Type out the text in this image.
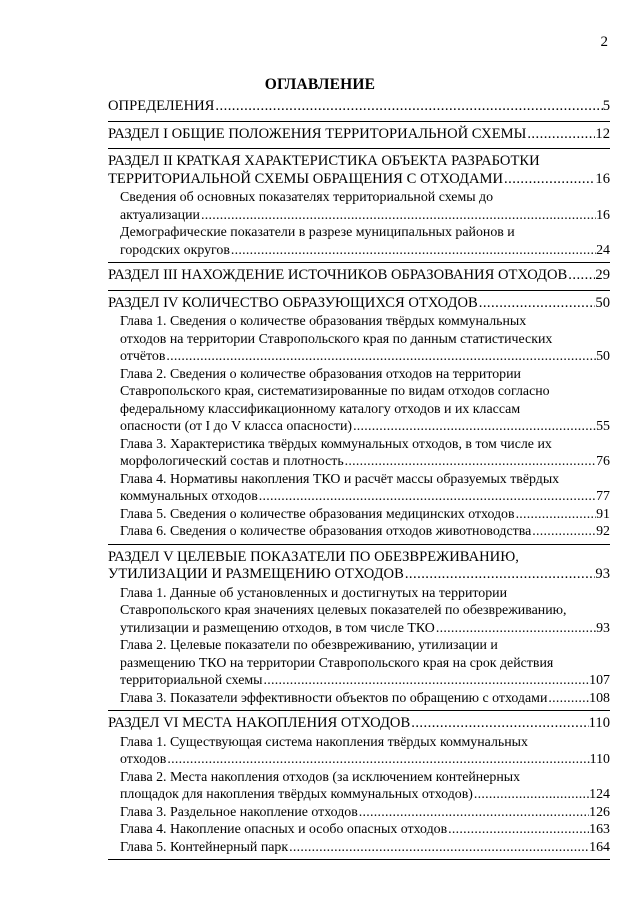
2
ОГЛАВЛЕНИЕ
ОПРЕДЕЛЕНИЯ . . .	5
РАЗДЕЛ I ОБЩИЕ ПОЛОЖЕНИЯ ТЕРРИТОРИАЛЬНОЙ СХЕМЫ . . .	12
РАЗДЕЛ II КРАТКАЯ ХАРАКТЕРИСТИКА ОБЪЕКТА РАЗРАБОТКИ
ТЕРРИТОРИАЛЬНОЙ СХЕМЫ ОБРАЩЕНИЯ С ОТХОДАМИ . . .	16
Сведения об основных показателях территориальной схемы до
актуализации . . .	16
Демографические показатели в разрезе муниципальных районов и
городских округов . . .	24
РАЗДЕЛ III НАХОЖДЕНИЕ ИСТОЧНИКОВ ОБРАЗОВАНИЯ ОТХОДОВ . . . 29
РАЗДЕЛ IV КОЛИЧЕСТВО ОБРАЗУЮЩИХСЯ ОТХОДОВ . . .	50
Глава 1. Сведения о количестве образования твёрдых коммунальных
отходов на территории Ставропольского края по данным статистических
отчётов . . .	50
Глава 2. Сведения о количестве образования отходов на территории
Ставропольского края, систематизированные по видам отходов согласно
федеральному классификационному каталогу отходов и их классам
опасности (от I до V класса опасности) . . .	55
Глава 3. Характеристика твёрдых коммунальных отходов, в том числе их
морфологический состав и плотность . . .	76
Глава 4. Нормативы накопления ТКО и расчёт массы образуемых твёрдых
коммунальных отходов . . .	77
Глава 5. Сведения о количестве образования медицинских отходов . . .	91
Глава 6. Сведения о количестве образования отходов животноводства . . .	92
РАЗДЕЛ V ЦЕЛЕВЫЕ ПОКАЗАТЕЛИ ПО ОБЕЗВРЕЖИВАНИЮ,
УТИЛИЗАЦИИ И РАЗМЕЩЕНИЮ ОТХОДОВ . . .	93
Глава 1. Данные об установленных и достигнутых на территории
Ставропольского края значениях целевых показателей по обезвреживанию,
утилизации и размещению отходов, в том числе ТКО . . .	93
Глава 2. Целевые показатели по обезвреживанию, утилизации и
размещению ТКО на территории Ставропольского края на срок действия
территориальной схемы . . .	107
Глава 3. Показатели эффективности объектов по обращению с отходами . . .	108
РАЗДЕЛ VI МЕСТА НАКОПЛЕНИЯ ОТХОДОВ . . .	110
Глава 1. Существующая система накопления твёрдых коммунальных
отходов . . .	110
Глава 2. Места накопления отходов (за исключением контейнерных
площадок для накопления твёрдых коммунальных отходов) . . .	124
Глава 3. Раздельное накопление отходов . . .	126
Глава 4. Накопление опасных и особо опасных отходов . . .	163
Глава 5. Контейнерный парк . . .	164
